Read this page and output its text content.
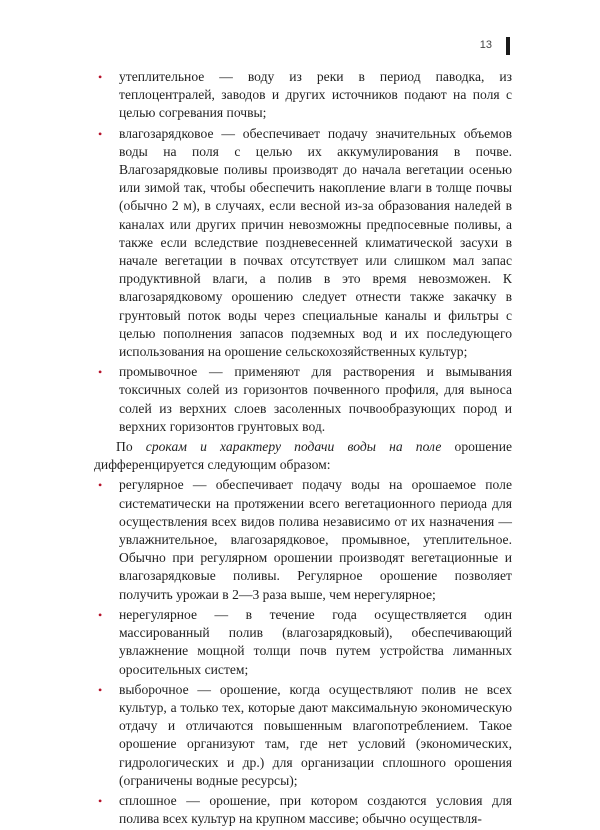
13
• утеплительное — воду из реки в период паводка, из теплоцентралей, заводов и других источников подают на поля с целью согревания почвы;
• влагозарядковое — обеспечивает подачу значительных объемов воды на поля с целью их аккумулирования в почве. Влагозарядковые поливы производят до начала вегетации осенью или зимой так, чтобы обеспечить накопление влаги в толще почвы (обычно 2 м), в случаях, если весной из-за образования наледей в каналах или других причин невозможны предпосевные поливы, а также если вследствие поздневесенней климатической засухи в начале вегетации в почвах отсутствует или слишком мал запас продуктивной влаги, а полив в это время невозможен. К влагозарядковому орошению следует отнести также закачку в грунтовый поток воды через специальные каналы и фильтры с целью пополнения запасов подземных вод и их последующего использования на орошение сельскохозяйственных культур;
• промывочное — применяют для растворения и вымывания токсичных солей из горизонтов почвенного профиля, для выноса солей из верхних слоев засоленных почвообразующих пород и верхних горизонтов грунтовых вод.

По срокам и характеру подачи воды на поле орошение дифференцируется следующим образом:

• регулярное — обеспечивает подачу воды на орошаемое поле систематически на протяжении всего вегетационного периода для осуществления всех видов полива независимо от их назначения — увлажнительное, влагозарядковое, промывное, утеплительное. Обычно при регулярном орошении производят вегетационные и влагозарядковые поливы. Регулярное орошение позволяет получить урожаи в 2—3 раза выше, чем нерегулярное;
• нерегулярное — в течение года осуществляется один массированный полив (влагозарядковый), обеспечивающий увлажнение мощной толщи почв путем устройства лиманных оросительных систем;
• выборочное — орошение, когда осуществляют полив не всех культур, а только тех, которые дают максимальную экономическую отдачу и отличаются повышенным влагопотреблением. Такое орошение организуют там, где нет условий (экономических, гидрологических и др.) для организации сплошного орошения (ограничены водные ресурсы);
• сплошное — орошение, при котором создаются условия для полива всех культур на крупном массиве; обычно осуществля-
